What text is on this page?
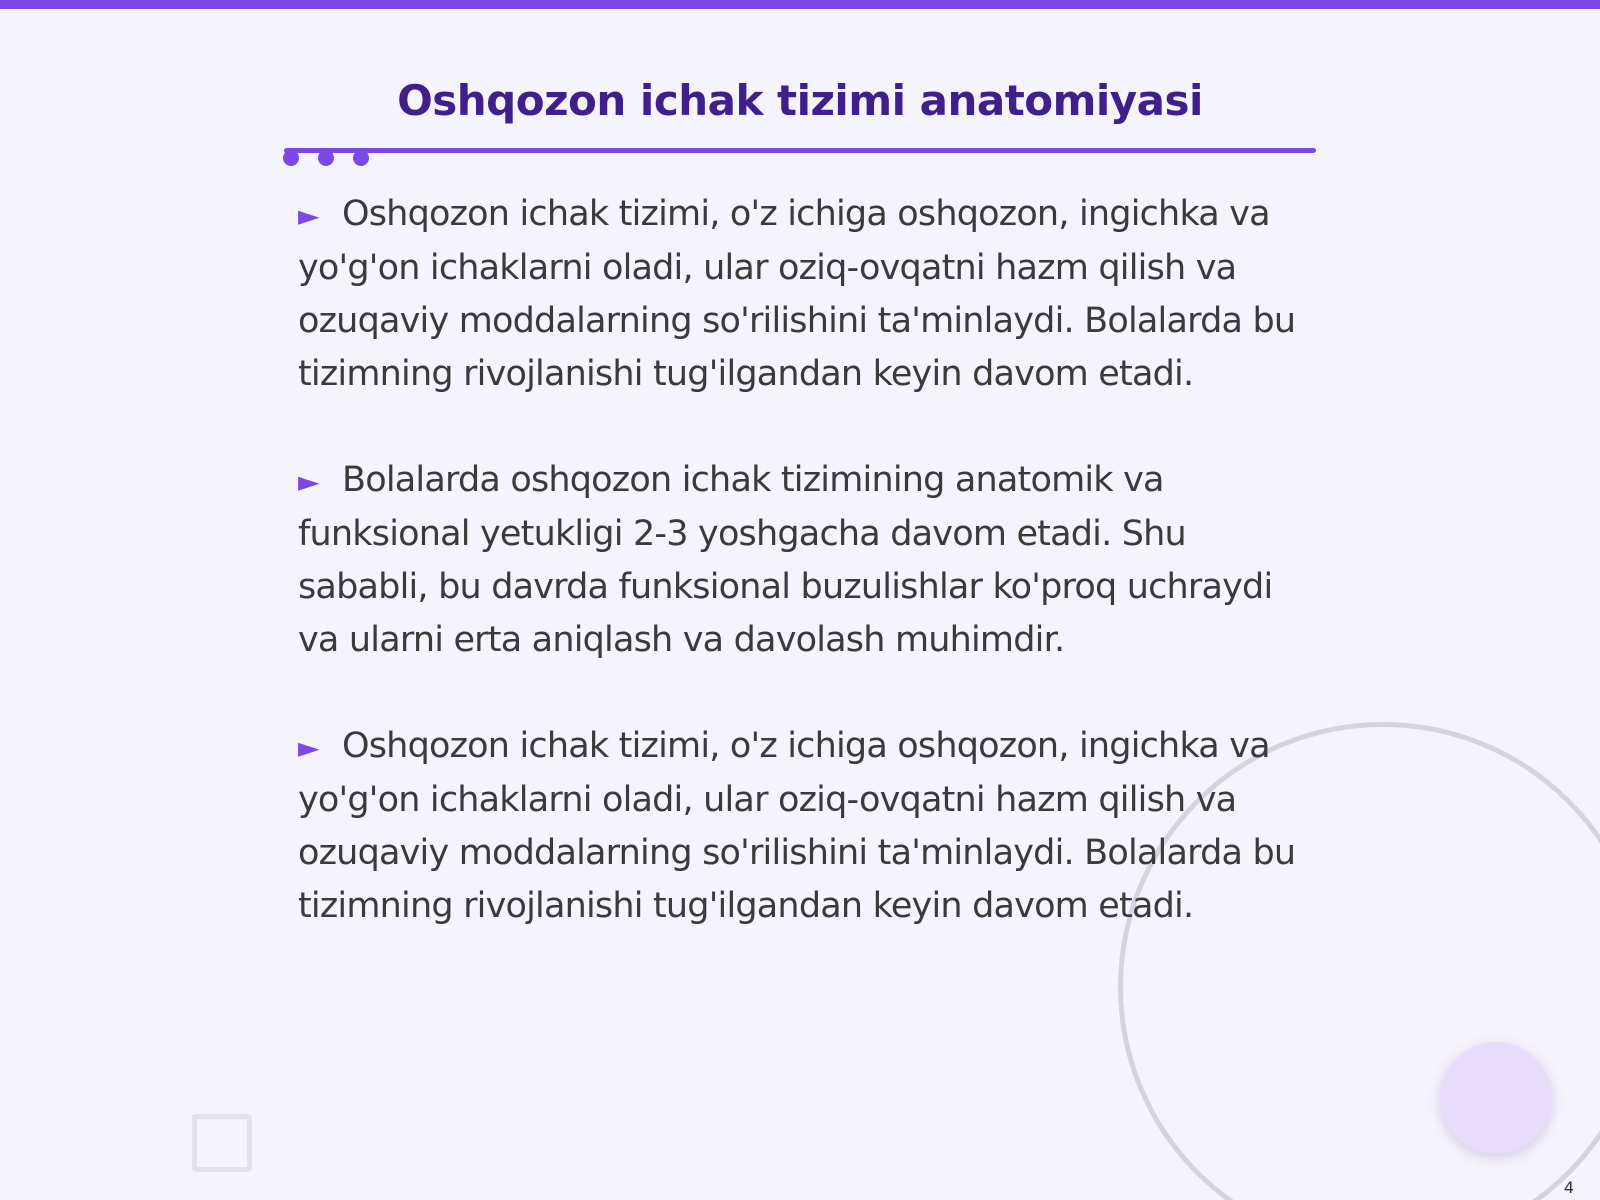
Oshqozon ichak tizimi anatomiyasi

► Oshqozon ichak tizimi, o'z ichiga oshqozon, ingichka va yo'g'on ichaklarni oladi, ular oziq-ovqatni hazm qilish va ozuqaviy moddalarning so'rilishini ta'minlaydi. Bolalarda bu tizimning rivojlanishi tug'ilgandan keyin davom etadi.

► Bolalarda oshqozon ichak tizimining anatomik va funksional yetukligi 2-3 yoshgacha davom etadi. Shu sababli, bu davrda funksional buzulishlar ko'proq uchraydi va ularni erta aniqlash va davolash muhimdir.

► Oshqozon ichak tizimi, o'z ichiga oshqozon, ingichka va yo'g'on ichaklarni oladi, ular oziq-ovqatni hazm qilish va ozuqaviy moddalarning so'rilishini ta'minlaydi. Bolalarda bu tizimning rivojlanishi tug'ilgandan keyin davom etadi.

4
